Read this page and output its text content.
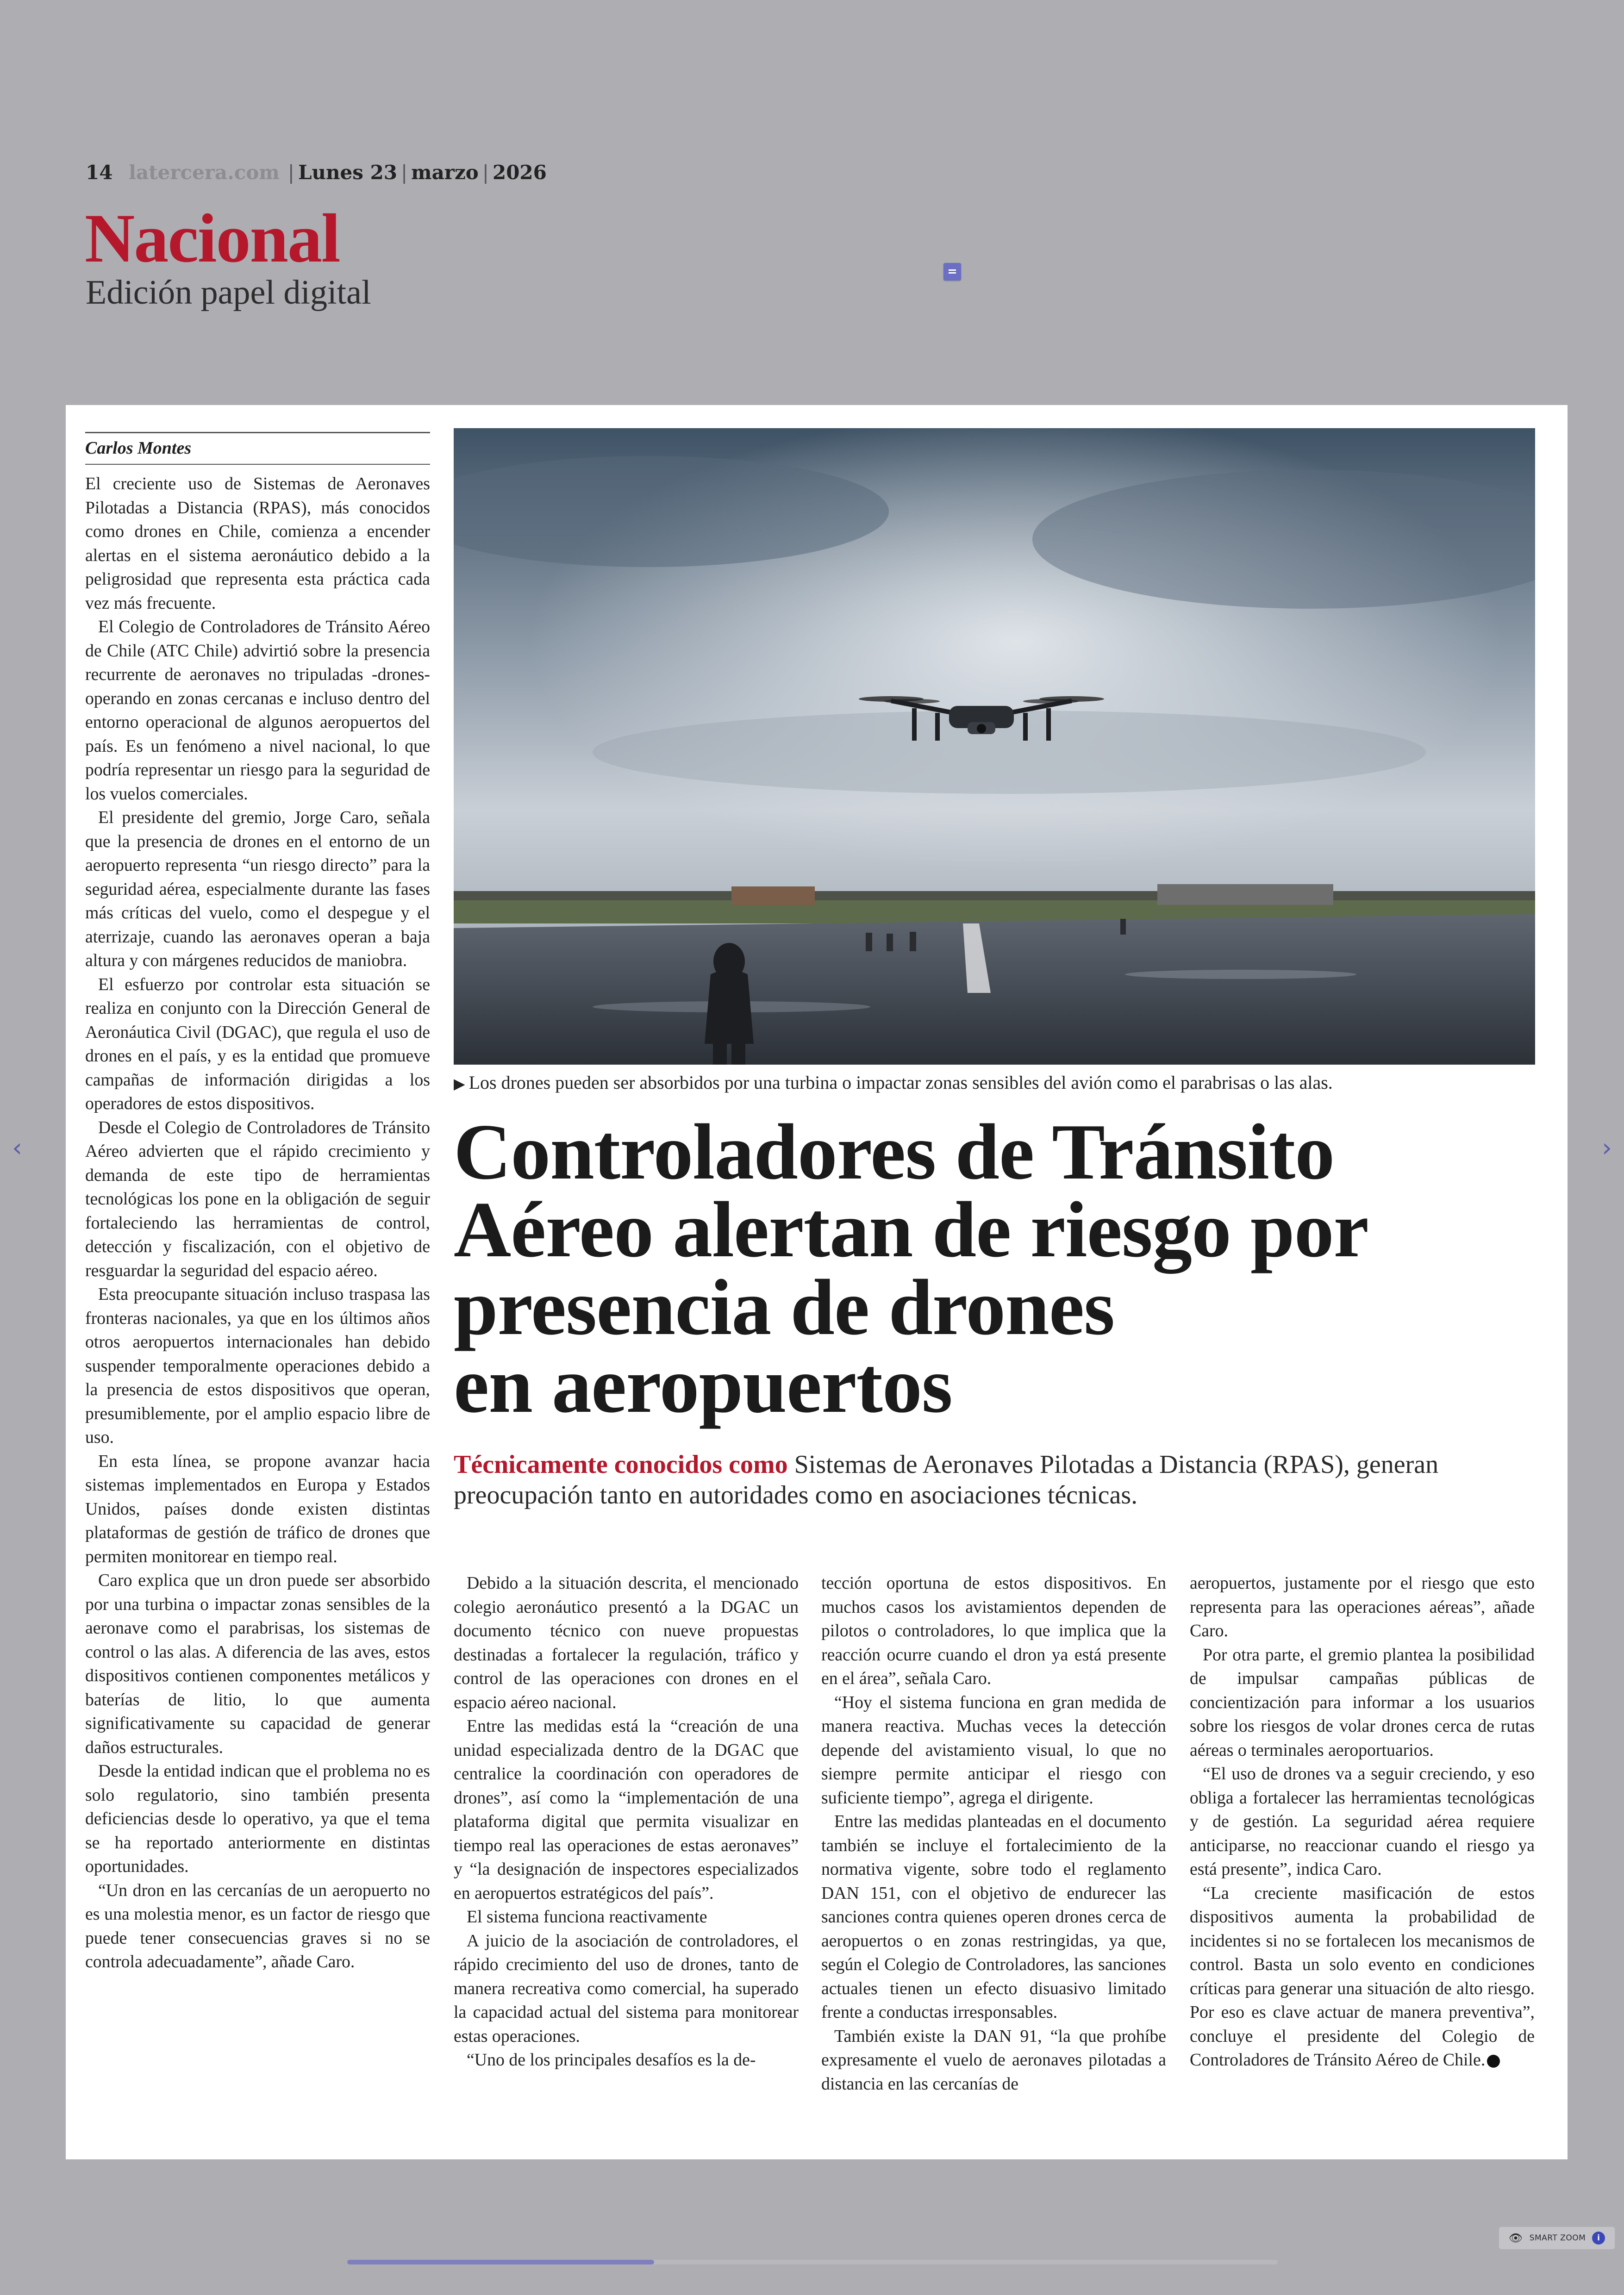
14 latercera.com | Lunes 23 | marzo | 2026
Nacional
Edición papel digital
Carlos Montes

El creciente uso de Sistemas de Aeronaves Pilotadas a Distancia (RPAS), más conocidos como drones en Chile, comienza a encender alertas en el sistema aeronáutico debido a la peligrosidad que representa esta práctica cada vez más frecuente.

El Colegio de Controladores de Tránsito Aéreo de Chile (ATC Chile) advirtió sobre la presencia recurrente de aeronaves no tripuladas -drones- operando en zonas cercanas e incluso dentro del entorno operacional de algunos aeropuertos del país. Es un fenómeno a nivel nacional, lo que podría representar un riesgo para la seguridad de los vuelos comerciales.

El presidente del gremio, Jorge Caro, señala que la presencia de drones en el entorno de un aeropuerto representa “un riesgo directo” para la seguridad aérea, especialmente durante las fases más críticas del vuelo, como el despegue y el aterrizaje, cuando las aeronaves operan a baja altura y con márgenes reducidos de maniobra.

El esfuerzo por controlar esta situación se realiza en conjunto con la Dirección General de Aeronáutica Civil (DGAC), que regula el uso de drones en el país, y es la entidad que promueve campañas de información dirigidas a los operadores de estos dispositivos.

Desde el Colegio de Controladores de Tránsito Aéreo advierten que el rápido crecimiento y demanda de este tipo de herramientas tecnológicas los pone en la obligación de seguir fortaleciendo las herramientas de control, detección y fiscalización, con el objetivo de resguardar la seguridad del espacio aéreo.

Esta preocupante situación incluso traspasa las fronteras nacionales, ya que en los últimos años otros aeropuertos internacionales han debido suspender temporalmente operaciones debido a la presencia de estos dispositivos que operan, presumiblemente, por el amplio espacio libre de uso.

En esta línea, se propone avanzar hacia sistemas implementados en Europa y Estados Unidos, países donde existen distintas plataformas de gestión de tráfico de drones que permiten monitorear en tiempo real.

Caro explica que un dron puede ser absorbido por una turbina o impactar zonas sensibles de la aeronave como el parabrisas, los sistemas de control o las alas. A diferencia de las aves, estos dispositivos contienen componentes metálicos y baterías de litio, lo que aumenta significativamente su capacidad de generar daños estructurales.

Desde la entidad indican que el problema no es solo regulatorio, sino también presenta deficiencias desde lo operativo, ya que el tema se ha reportado anteriormente en distintas oportunidades.

“Un dron en las cercanías de un aeropuerto no es una molestia menor, es un factor de riesgo que puede tener consecuencias graves si no se controla adecuadamente”, añade Caro.

▶ Los drones pueden ser absorbidos por una turbina o impactar zonas sensibles del avión como el parabrisas o las alas.
Controladores de Tránsito
Aéreo alertan de riesgo por
presencia de drones
en aeropuertos
Técnicamente conocidos como Sistemas de Aeronaves Pilotadas a Distancia (RPAS), generan preocupación tanto en autoridades como en asociaciones técnicas.

Debido a la situación descrita, el mencionado colegio aeronáutico presentó a la DGAC un documento técnico con nueve propuestas destinadas a fortalecer la regulación, tráfico y control de las operaciones con drones en el espacio aéreo nacional.

Entre las medidas está la “creación de una unidad especializada dentro de la DGAC que centralice la coordinación con operadores de drones”, así como la “implementación de una plataforma digital que permita visualizar en tiempo real las operaciones de estas aeronaves” y “la designación de inspectores especializados en aeropuertos estratégicos del país”.

El sistema funciona reactivamente

A juicio de la asociación de controladores, el rápido crecimiento del uso de drones, tanto de manera recreativa como comercial, ha superado la capacidad actual del sistema para monitorear estas operaciones.

“Uno de los principales desafíos es la de-

tección oportuna de estos dispositivos. En muchos casos los avistamientos dependen de pilotos o controladores, lo que implica que la reacción ocurre cuando el dron ya está presente en el área”, señala Caro.

“Hoy el sistema funciona en gran medida de manera reactiva. Muchas veces la detección depende del avistamiento visual, lo que no siempre permite anticipar el riesgo con suficiente tiempo”, agrega el dirigente.

Entre las medidas planteadas en el documento también se incluye el fortalecimiento de la normativa vigente, sobre todo el reglamento DAN 151, con el objetivo de endurecer las sanciones contra quienes operen drones cerca de aeropuertos o en zonas restringidas, ya que, según el Colegio de Controladores, las sanciones actuales tienen un efecto disuasivo limitado frente a conductas irresponsables.

También existe la DAN 91, “la que prohíbe expresamente el vuelo de aeronaves pilotadas a distancia en las cercanías de

aeropuertos, justamente por el riesgo que esto representa para las operaciones aéreas”, añade Caro.

Por otra parte, el gremio plantea la posibilidad de impulsar campañas públicas de concientización para informar a los usuarios sobre los riesgos de volar drones cerca de rutas aéreas o terminales aeroportuarios.

“El uso de drones va a seguir creciendo, y eso obliga a fortalecer las herramientas tecnológicas y de gestión. La seguridad aérea requiere anticiparse, no reaccionar cuando el riesgo ya está presente”, indica Caro.

“La creciente masificación de estos dispositivos aumenta la probabilidad de incidentes si no se fortalecen los mecanismos de control. Basta un solo evento en condiciones críticas para generar una situación de alto riesgo. Por eso es clave actuar de manera preventiva”, concluye el presidente del Colegio de Controladores de Tránsito Aéreo de Chile.

‹	›
👁 SMART ZOOM	i
